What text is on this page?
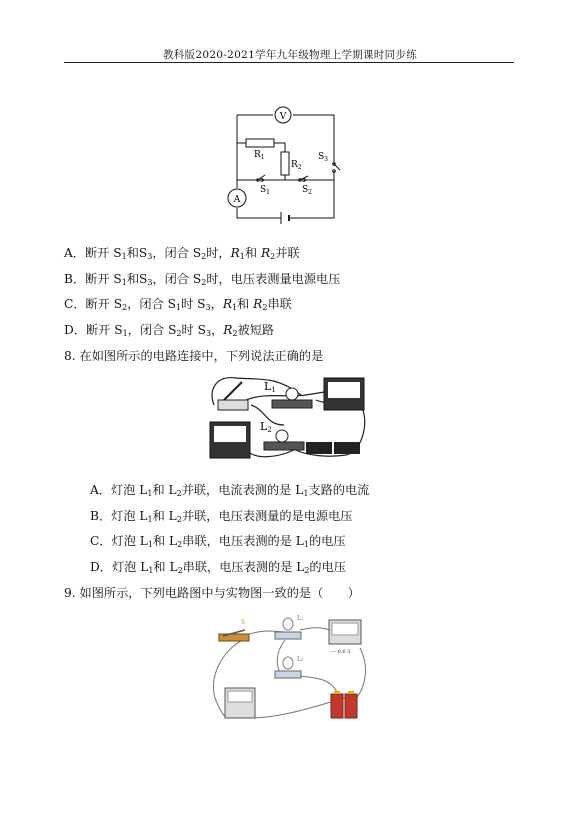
教科版2020-2021学年九年级物理上学期课时同步练
V
A
$R_1$
$R_2$
$S_1$	$S_2$
$S_3$
A．断开 $S_1$和$S_3$，闭合 $S_2$时，$R_1$和 $R_2$并联
B．断开 $S_1$和$S_3$，闭合 $S_2$时，电压表测量电源电压
C．断开 $S_2$，闭合 $S_1$时 $S_3$，$R_1$和 $R_2$串联
D．断开 $S_1$，闭合 $S_2$时 $S_3$，$R_2$被短路
8. 在如图所示的电路连接中，下列说法正确的是
L1
L2
A．灯泡 $L_1$和 $L_2$并联，电流表测的是 $L_1$支路的电流
B．灯泡 $L_1$和 $L_2$并联，电压表测量的是电源电压
C．灯泡 $L_1$和 $L_2$串联，电压表测的是 $L_1$的电压
D．灯泡 $L_1$和 $L_2$串联，电压表测的是 $L_2$的电压
9. 如图所示，下列电路图中与实物图一致的是（　　）
S
L₁
— 0.6 3
L₂
